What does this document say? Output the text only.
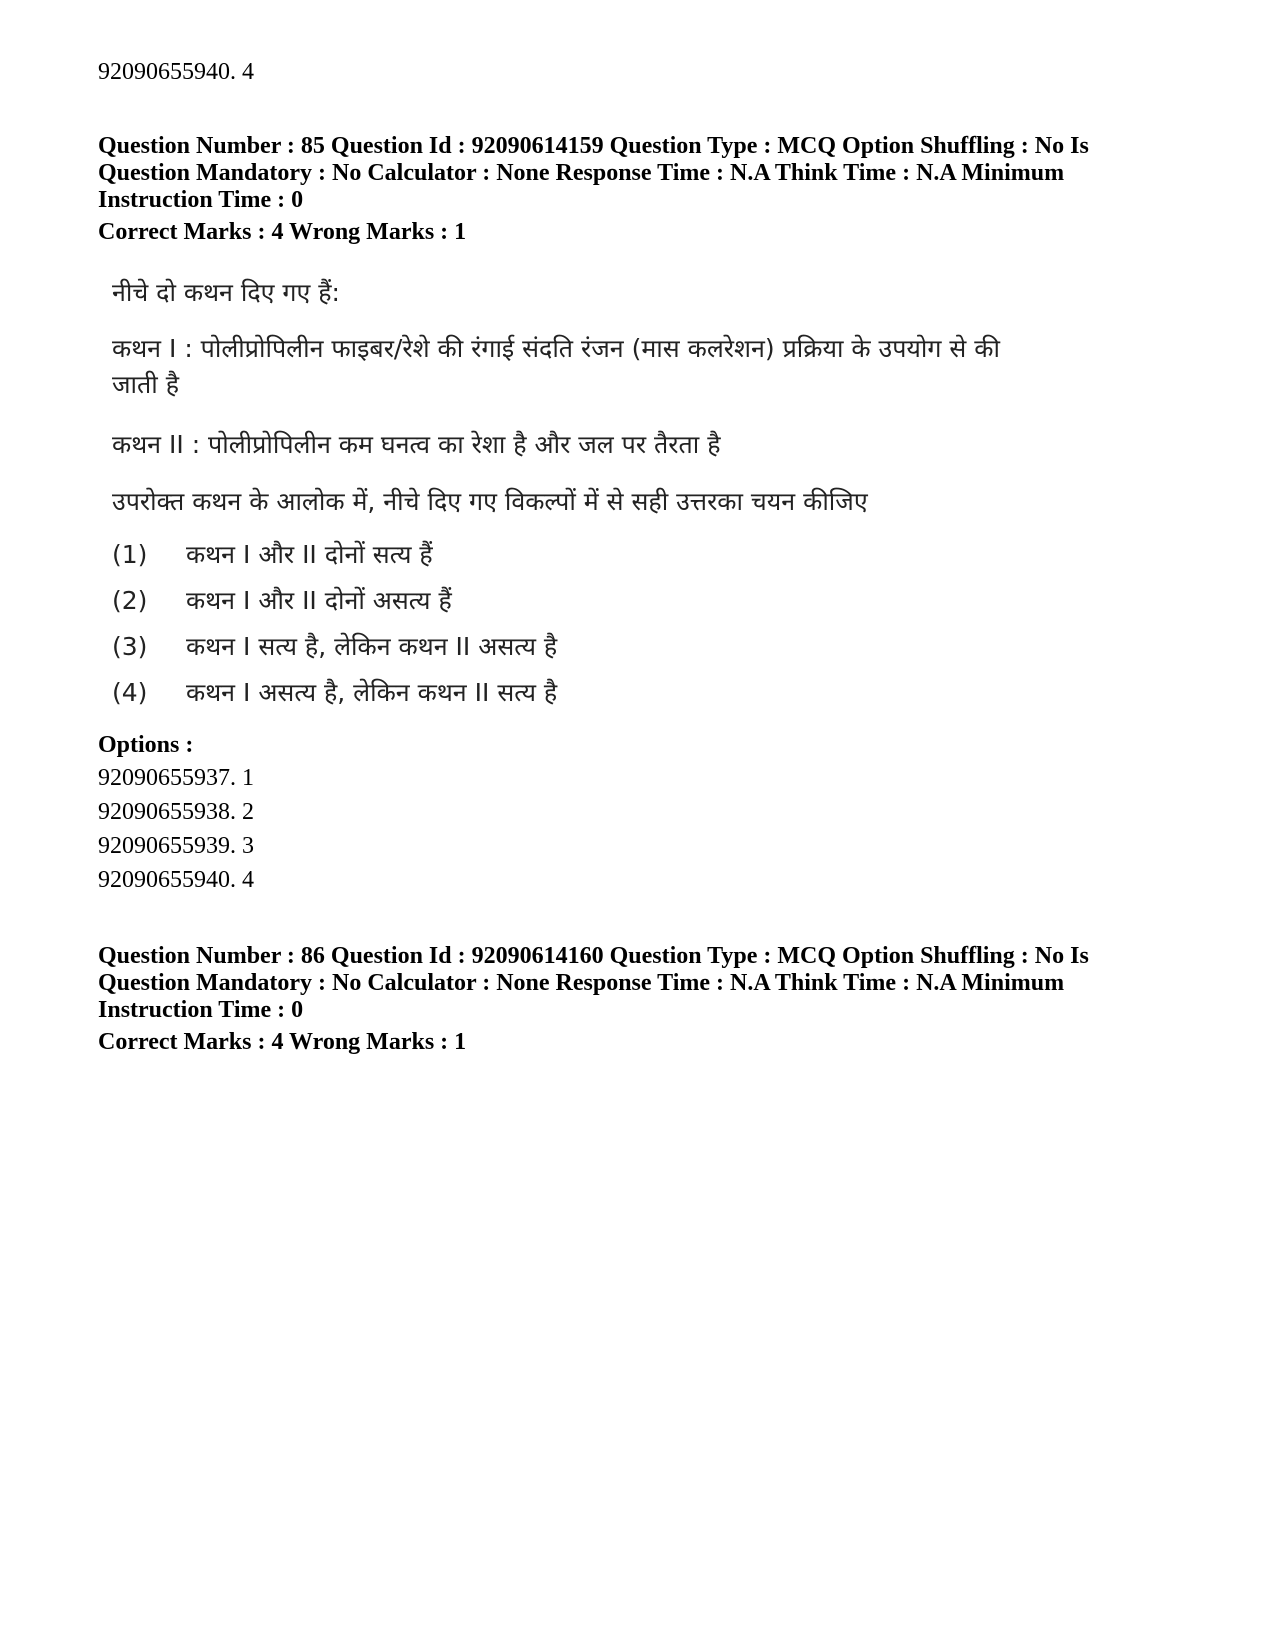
92090655940. 4

Question Number : 85 Question Id : 92090614159 Question Type : MCQ Option Shuffling : No Is

Question Mandatory : No Calculator : None Response Time : N.A Think Time : N.A Minimum

Instruction Time : 0

Correct Marks : 4 Wrong Marks : 1

नीचे दो कथन दिए गए हैं:

कथन I : पोलीप्रोपिलीन फाइबर/रेशे की रंगाई संदति रंजन (मास कलरेशन) प्रक्रिया के उपयोग से की

जाती है

कथन II : पोलीप्रोपिलीन कम घनत्व का रेशा है और जल पर तैरता है

उपरोक्त कथन के आलोक में, नीचे दिए गए विकल्पों में से सही उत्तरका चयन कीजिए

(1) कथन I और II दोनों सत्य हैं
(2) कथन I और II दोनों असत्य हैं
(3) कथन I सत्य है, लेकिन कथन II असत्य है
(4) कथन I असत्य है, लेकिन कथन II सत्य है

Options :

92090655937. 1

92090655938. 2

92090655939. 3

92090655940. 4

Question Number : 86 Question Id : 92090614160 Question Type : MCQ Option Shuffling : No Is

Question Mandatory : No Calculator : None Response Time : N.A Think Time : N.A Minimum

Instruction Time : 0

Correct Marks : 4 Wrong Marks : 1
